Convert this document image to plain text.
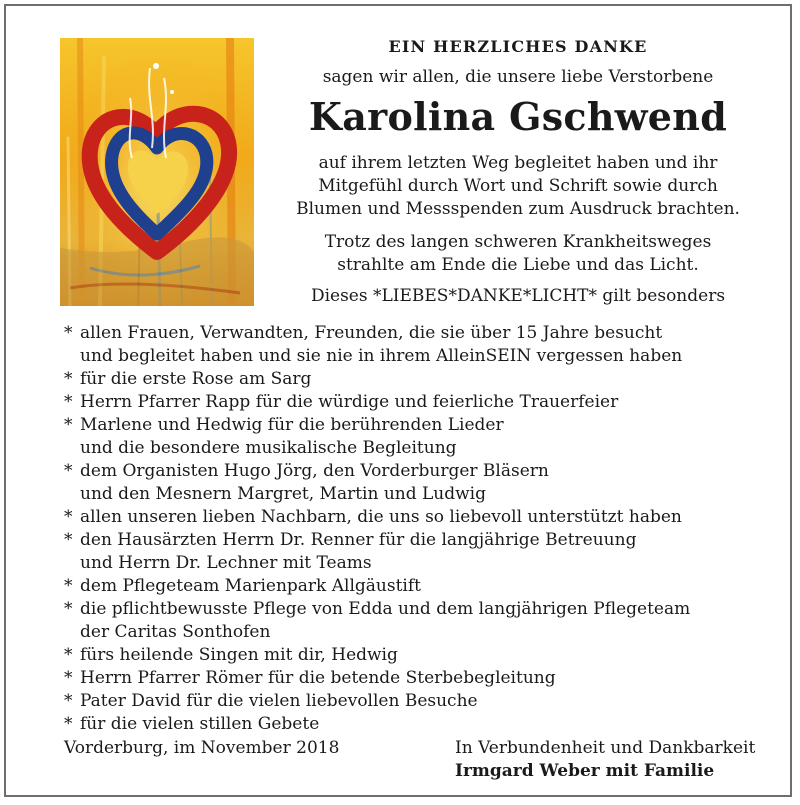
EIN HERZLICHES DANKE

sagen wir allen, die unsere liebe Verstorbene

Karolina Gschwend

auf ihrem letzten Weg begleitet haben und ihr
Mitgefühl durch Wort und Schrift sowie durch
Blumen und Messspenden zum Ausdruck brachten.
Trotz des langen schweren Krankheitsweges
strahlte am Ende die Liebe und das Licht.
Dieses *LIEBES*DANKE*LICHT* gilt besonders
* allen Frauen, Verwandten, Freunden, die sie über 15 Jahre besucht
und begleitet haben und sie nie in ihrem AlleinSEIN vergessen haben
* für die erste Rose am Sarg
* Herrn Pfarrer Rapp für die würdige und feierliche Trauerfeier
* Marlene und Hedwig für die berührenden Lieder
und die besondere musikalische Begleitung
* dem Organisten Hugo Jörg, den Vorderburger Bläsern
und den Mesnern Margret, Martin und Ludwig
* allen unseren lieben Nachbarn, die uns so liebevoll unterstützt haben
* den Hausärzten Herrn Dr. Renner für die langjährige Betreuung
und Herrn Dr. Lechner mit Teams
* dem Pflegeteam Marienpark Allgäustift
* die pflichtbewusste Pflege von Edda und dem langjährigen Pflegeteam
der Caritas Sonthofen
* fürs heilende Singen mit dir, Hedwig
* Herrn Pfarrer Römer für die betende Sterbebegleitung
* Pater David für die vielen liebevollen Besuche
* für die vielen stillen Gebete
Vorderburg, im November 2018	In Verbundenheit und Dankbarkeit
Irmgard Weber mit Familie
